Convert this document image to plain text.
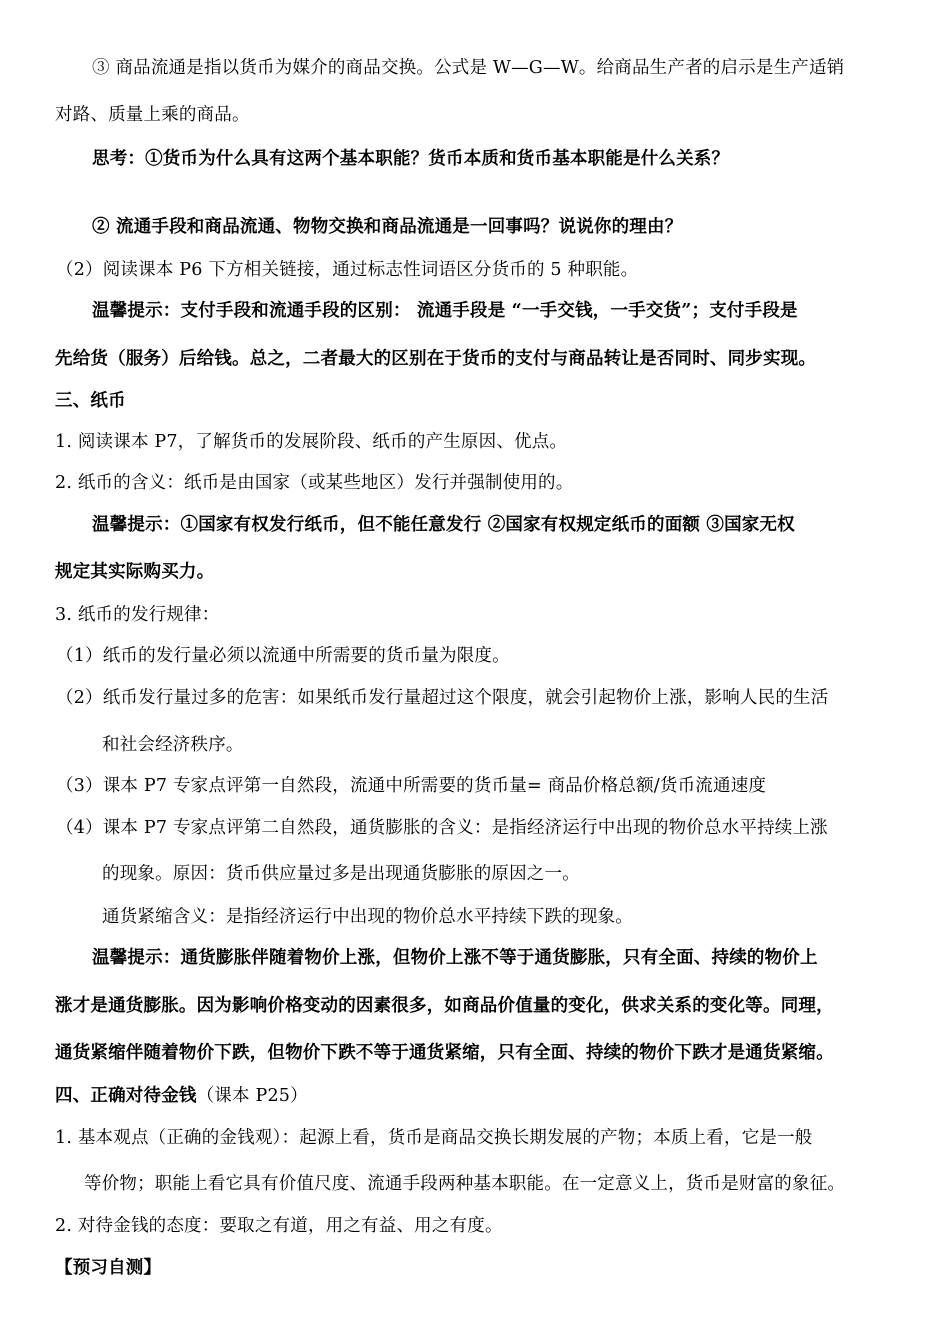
③ 商品流通是指以货币为媒介的商品交换。公式是 W—G—W。给商品生产者的启示是生产适销
对路、质量上乘的商品。
思考：①货币为什么具有这两个基本职能？货币本质和货币基本职能是什么关系？
② 流通手段和商品流通、物物交换和商品流通是一回事吗？说说你的理由？
（2）阅读课本 P6 下方相关链接，通过标志性词语区分货币的 5 种职能。
温馨提示：支付手段和流通手段的区别： 流通手段是 “一手交钱，一手交货”；支付手段是
先给货（服务）后给钱。总之，二者最大的区别在于货币的支付与商品转让是否同时、同步实现。
三、纸币
1. 阅读课本 P7，了解货币的发展阶段、纸币的产生原因、优点。
2. 纸币的含义：纸币是由国家（或某些地区）发行并强制使用的。
温馨提示：①国家有权发行纸币，但不能任意发行 ②国家有权规定纸币的面额 ③国家无权
规定其实际购买力。
3. 纸币的发行规律：
（1）纸币的发行量必须以流通中所需要的货币量为限度。
（2）纸币发行量过多的危害：如果纸币发行量超过这个限度，就会引起物价上涨，影响人民的生活
和社会经济秩序。
（3）课本 P7 专家点评第一自然段，流通中所需要的货币量= 商品价格总额/货币流通速度
（4）课本 P7 专家点评第二自然段，通货膨胀的含义：是指经济运行中出现的物价总水平持续上涨
的现象。原因：货币供应量过多是出现通货膨胀的原因之一。
通货紧缩含义：是指经济运行中出现的物价总水平持续下跌的现象。
温馨提示：通货膨胀伴随着物价上涨，但物价上涨不等于通货膨胀，只有全面、持续的物价上
涨才是通货膨胀。因为影响价格变动的因素很多，如商品价值量的变化，供求关系的变化等。同理，
通货紧缩伴随着物价下跌，但物价下跌不等于通货紧缩，只有全面、持续的物价下跌才是通货紧缩。
四、正确对待金钱（课本 P25）
1. 基本观点（正确的金钱观）：起源上看，货币是商品交换长期发展的产物；本质上看，它是一般
等价物；职能上看它具有价值尺度、流通手段两种基本职能。在一定意义上，货币是财富的象征。
2. 对待金钱的态度：要取之有道，用之有益、用之有度。
【预习自测】
